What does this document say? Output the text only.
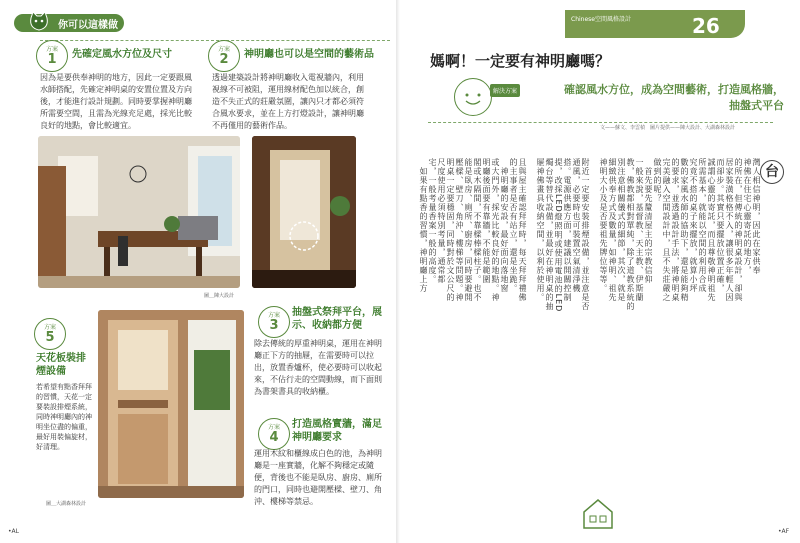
你可以這樣做
方案
1	先確定風水方位及尺寸
因為是要供奉神明的地方，因此一定要跟風水師搭配，先確定神明桌的安置位置及方向後，才能進行設計規劃。同時要掌握神明廳所需要空間，且需為光線充足處，採光比較良好的地點，會比較適宜。
方案
2	神明廳也可以是空間的藝術品
透過建築設計將神明廳收入電視牆內，利用視線不可被阻，運用線材配色加以統合，創造不失正式的莊嚴氛圍，讓內只才都必須符合風水要求，並在上方打燈設計，讓神明廳不再僅用的藝術作品。
圖＿陳大設計
方案
3
抽盤式祭拜平台，展示、收納都方便
除去傳統的厚重神明桌，運用在神明廳正下方的抽屜，在需要時可以拉出，放置香爐杯，使必要時可以收起來，不佔行走的空間動線，而下面則為書架書具的收納櫃。
方案
5
天花板裝排煙設備
若希望有點香拜拜的習慣，天花一定要裝設排煙系統，同時神明廳內的神明坐位盡的偏重，最好用裝偏旋材，好清理。
圖＿大湖森林設計
方案
4
打造風格實牆，滿足神明廳要求
運用木紋和櫃線成白色的池，為神明廳是一座實牆，化解不夠穩定或隨便，背後也不能是臥房、廚房、廁所的門口，同時也避開壓樑、壁刀、角沖、樓梯等禁忌。
•AL
Chinese空間風格設計	26
媽啊！一定要有神明廳嗎？
解決方案	確認風水方位，成為空間藝術，打造風格牆，
抽盤式平台
文——蘇文、李雲楨　圖片提供——陳大設計、大湖森林設計
台
灣人相信神明，因此在家供奉
神佛在住宅心靈寄託的地方，
的所在，但傳統的神明桌設計，卻與
居家裝潢格格不入，讓很多年輕人因
而卻步。其實只要擺放位置正確，
誠謂心靈的寄託，而且尊敬神明祖先
所需基本，就能以空間的利用合成
究竟不搭的桌子來擺放，就算小坪
數的家風水師的協助下，還是能夠精
的要求，並透過設計手法，將神明桌
完美融入空間設計中，且不失莊嚴之
做到的呢？
　首先要先釐清屋主的宗教信仰
一般來說，基督教、天主教、伊斯蘭
教，佛教都相對單純，除了道教系統的
別注意相關儀式的細節，其次，就是
細緻供奉方式及數量，如神明、祖先
神明大小及是否要祖先牌位等等。
附近一定要安裝排煙設備，並注意是否
通風，必要時也可裝置空氣清淨機
搭。電源供應方面，建議以開關控制
提，改採LED燈照明或使用電池的LED
燭台等替代設備，並最好在神明桌的抽
屜神佛畫具收納空間，以利於使用。
且與屋主確認拜拜時，每天拜拜禮佛
的主事者是否有站立，還是坐跪。
　神明廳的安設，最好面向落地窗
或大門外，採光比較良好的地點。神
明廳後面要有靠牆，不能是範圍
閣或木隔間，不靠樑棒樑柱子。也不
能是臥房、廁所、廚房，同時要避開
壓樑、壁刀、角沖、樓梯等問題。神
明桌一定要穩固，同時對於文公尺的
尺度使用必須特別考量，通常都
宅，一般考量香案一般的高度。
　如果有點香的習慣，神明廳上方
•AF
